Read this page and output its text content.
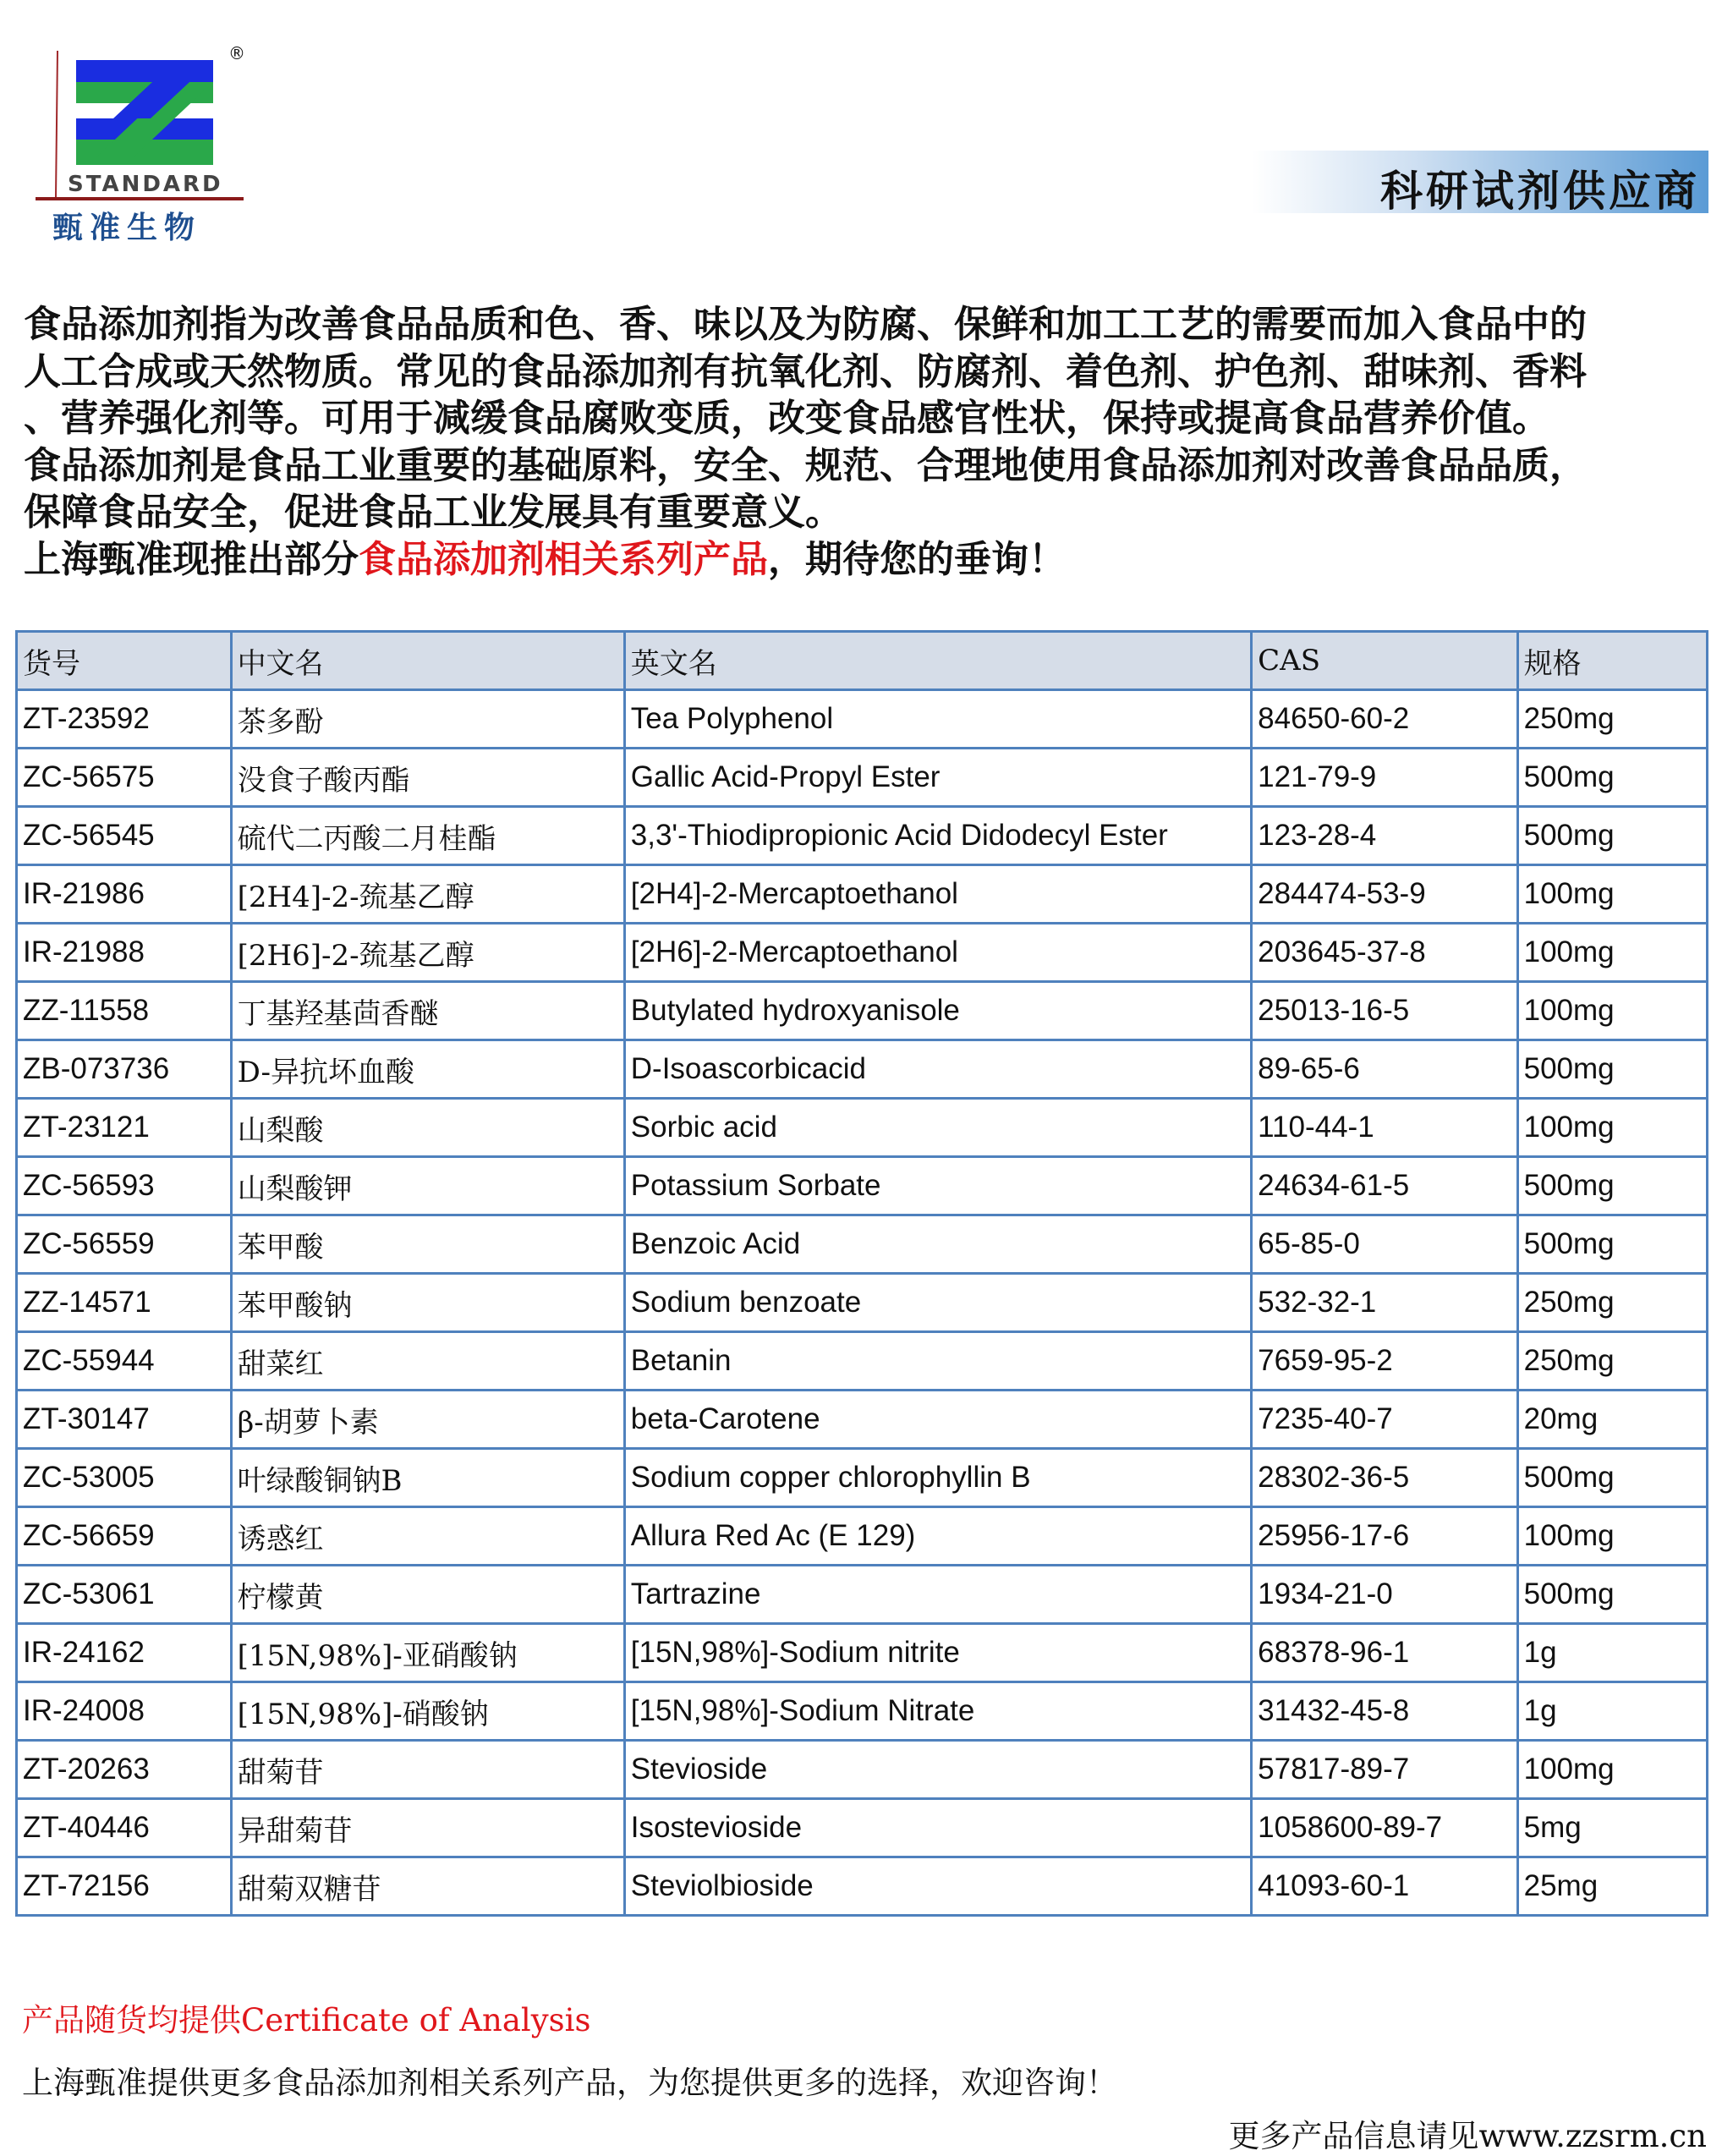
®
STANDARD
甄准生物
科研试剂供应商

食品添加剂指为改善食品品质和色、香、味以及为防腐、保鲜和加工工艺的需要而加入食品中的

人工合成或天然物质。常见的食品添加剂有抗氧化剂、防腐剂、着色剂、护色剂、甜味剂、香料

、营养强化剂等。可用于减缓食品腐败变质，改变食品感官性状，保持或提高食品营养价值。

食品添加剂是食品工业重要的基础原料，安全、规范、合理地使用食品添加剂对改善食品品质，

保障食品安全，促进食品工业发展具有重要意义。

上海甄准现推出部分食品添加剂相关系列产品，期待您的垂询！

货号	中文名	英文名	CAS	规格
ZT-23592	茶多酚	Tea Polyphenol	84650-60-2	250mg
ZC-56575	没食子酸丙酯	Gallic Acid-Propyl Ester	121-79-9	500mg
ZC-56545	硫代二丙酸二月桂酯	3,3'-Thiodipropionic Acid Didodecyl Ester	123-28-4	500mg
IR-21986	[2H4]-2-巯基乙醇	[2H4]-2-Mercaptoethanol	284474-53-9	100mg
IR-21988	[2H6]-2-巯基乙醇	[2H6]-2-Mercaptoethanol	203645-37-8	100mg
ZZ-11558	丁基羟基茴香醚	Butylated hydroxyanisole	25013-16-5	100mg
ZB-073736	D-异抗坏血酸	D-Isoascorbicacid	89-65-6	500mg
ZT-23121	山梨酸	Sorbic acid	110-44-1	100mg
ZC-56593	山梨酸钾	Potassium Sorbate	24634-61-5	500mg
ZC-56559	苯甲酸	Benzoic Acid	65-85-0	500mg
ZZ-14571	苯甲酸钠	Sodium benzoate	532-32-1	250mg
ZC-55944	甜菜红	Betanin	7659-95-2	250mg
ZT-30147	β-胡萝卜素	beta-Carotene	7235-40-7	20mg
ZC-53005	叶绿酸铜钠B	Sodium copper chlorophyllin B	28302-36-5	500mg
ZC-56659	诱惑红	Allura Red Ac (E 129)	25956-17-6	100mg
ZC-53061	柠檬黄	Tartrazine	1934-21-0	500mg
IR-24162	[15N,98%]-亚硝酸钠	[15N,98%]-Sodium nitrite	68378-96-1	1g
IR-24008	[15N,98%]-硝酸钠	[15N,98%]-Sodium Nitrate	31432-45-8	1g
ZT-20263	甜菊苷	Stevioside	57817-89-7	100mg
ZT-40446	异甜菊苷	Isostevioside	1058600-89-7	5mg
ZT-72156	甜菊双糖苷	Steviolbioside	41093-60-1	25mg
产品随货均提供Certificate of Analysis
上海甄准提供更多食品添加剂相关系列产品，为您提供更多的选择，欢迎咨询！
更多产品信息请见www.zzsrm.cn
